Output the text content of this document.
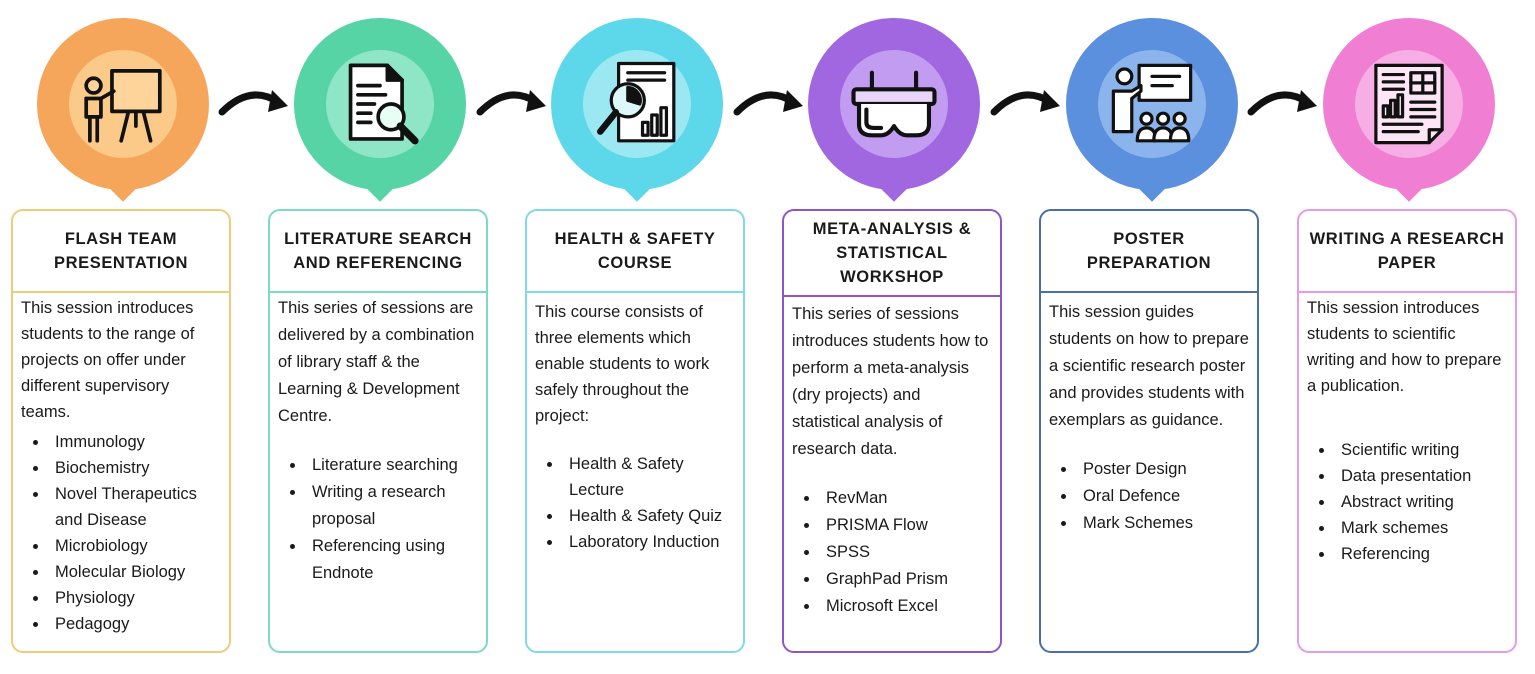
FLASH TEAM PRESENTATION

This session introduces students to the range of projects on offer under different supervisory teams.

Immunology
Biochemistry
Novel Therapeutics and Disease
Microbiology
Molecular Biology
Physiology
Pedagogy
LITERATURE SEARCH AND REFERENCING

This series of sessions are delivered by a combination of library staff & the Learning & Development Centre.

Literature searching
Writing a research proposal
Referencing using Endnote
HEALTH & SAFETY COURSE

This course consists of three elements which enable students to work safely throughout the project:

Health & Safety Lecture
Health & Safety Quiz
Laboratory Induction
META-ANALYSIS & STATISTICAL WORKSHOP

This series of sessions introduces students how to perform a meta-analysis (dry projects) and statistical analysis of research data.

RevMan
PRISMA Flow
SPSS
GraphPad Prism
Microsoft Excel
POSTER PREPARATION

This session guides students on how to prepare a scientific research poster and provides students with exemplars as guidance.

Poster Design
Oral Defence
Mark Schemes
WRITING A RESEARCH PAPER

This session introduces students to scientific writing and how to prepare a publication.

Scientific writing
Data presentation
Abstract writing
Mark schemes
Referencing
